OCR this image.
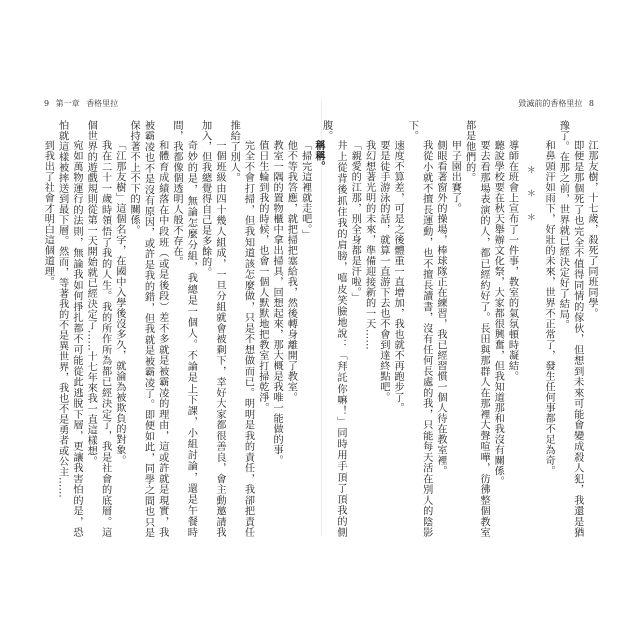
9 第一章 香格里拉

稱稱。

「掃完這裡就走吧。」

他不等我答應，就把掃把塞給我，然後轉身離開了教室。

教室一隅的置物櫃中拿出掃具，回想起來，那大概是我唯一能做的事。

值日生輪到我的時候，也會一個人默默地把教室打掃乾淨。

完全不會打掃，但我知道該怎麼做，只是不想做而已。明明是我的責任，我卻把責任推給了別人。

一個班級由四十幾人組成，一旦分組就會被剩下，幸好大家都很善良，會主動邀請我加入，但我總覺得自己是多餘的。

奇妙的是，無論怎麼分組，我總是一個人。不論是上下課，小組討論，還是午餐時間，我都像個透明人般不存在。

和體育成績落在中段班（或是後段）差不多就是被霸凌的理由，這或許就是現實，我被霸凌也不是沒有原因，或許是我的錯，但我就是被霸凌了。即便如此，同學之間也只是保持著不上不下的關係。

「江那友樹」這個名字，在國中入學後沒多久，就淪為被欺負的對象。

我在二十一歲時領悟了我的人生。我的所作所為都已經決定了，我是社會的底層。這個世界的遊戲規則從第一天開始就已經決定了……十七年來我一直這樣想。

宛如萬物運行的法則，無論我如何掙扎都不可能從此逃脫下層，更讓我害怕的是，恐怕就這樣被摔送到最下層。然而，等著我的不是異世界，我也不是勇者或公主……

到我出了社會才明白這個道理。

毀滅前的香格里拉 8

江那友樹，十七歲，殺死了同班同學。

即便是那個死了也完全不值得同情的傢伙，但想到未來可能會變成殺人犯，我還是猶豫了。在那之前，世界就已經決定好了結局。

和鼻頭汗如雨下，好壯的未來，世界不正常了，發生任何事都不足為奇。

＊ ＊ ＊

導師在班會上宣布了一件事，教室的氣氛頓時凝結。

聽說學校要在秋天舉辦文化祭，大家都很興奮，但我知道那和我沒有關係。

要去看那場表演的人，都已經約好了。長田與那群人在那裡大聲喧嘩，彷彿整個教室都是他們的。

甲子園出賽了。

側眼看著窗外的操場，棒球隊正在練習，我已經習慣一個人待在教室裡。

我從小就不擅長運動，也不擅長讀書，沒有任何長處的我，只能每天活在別人的陰影下。

速度不算差，可是之後體重一直增加，我也就不再跑步了。

要是徒手游泳的話，就算一直游下去也不會到達終點吧。

我幻想著光明的未來，準備迎接新的一天……

「親愛的江那，別全身都是汗啦。」

井上從背後抓住我的肩膀，嘻皮笑臉地說：「拜託你嘛！」同時用手頂了頂我的側腹。
